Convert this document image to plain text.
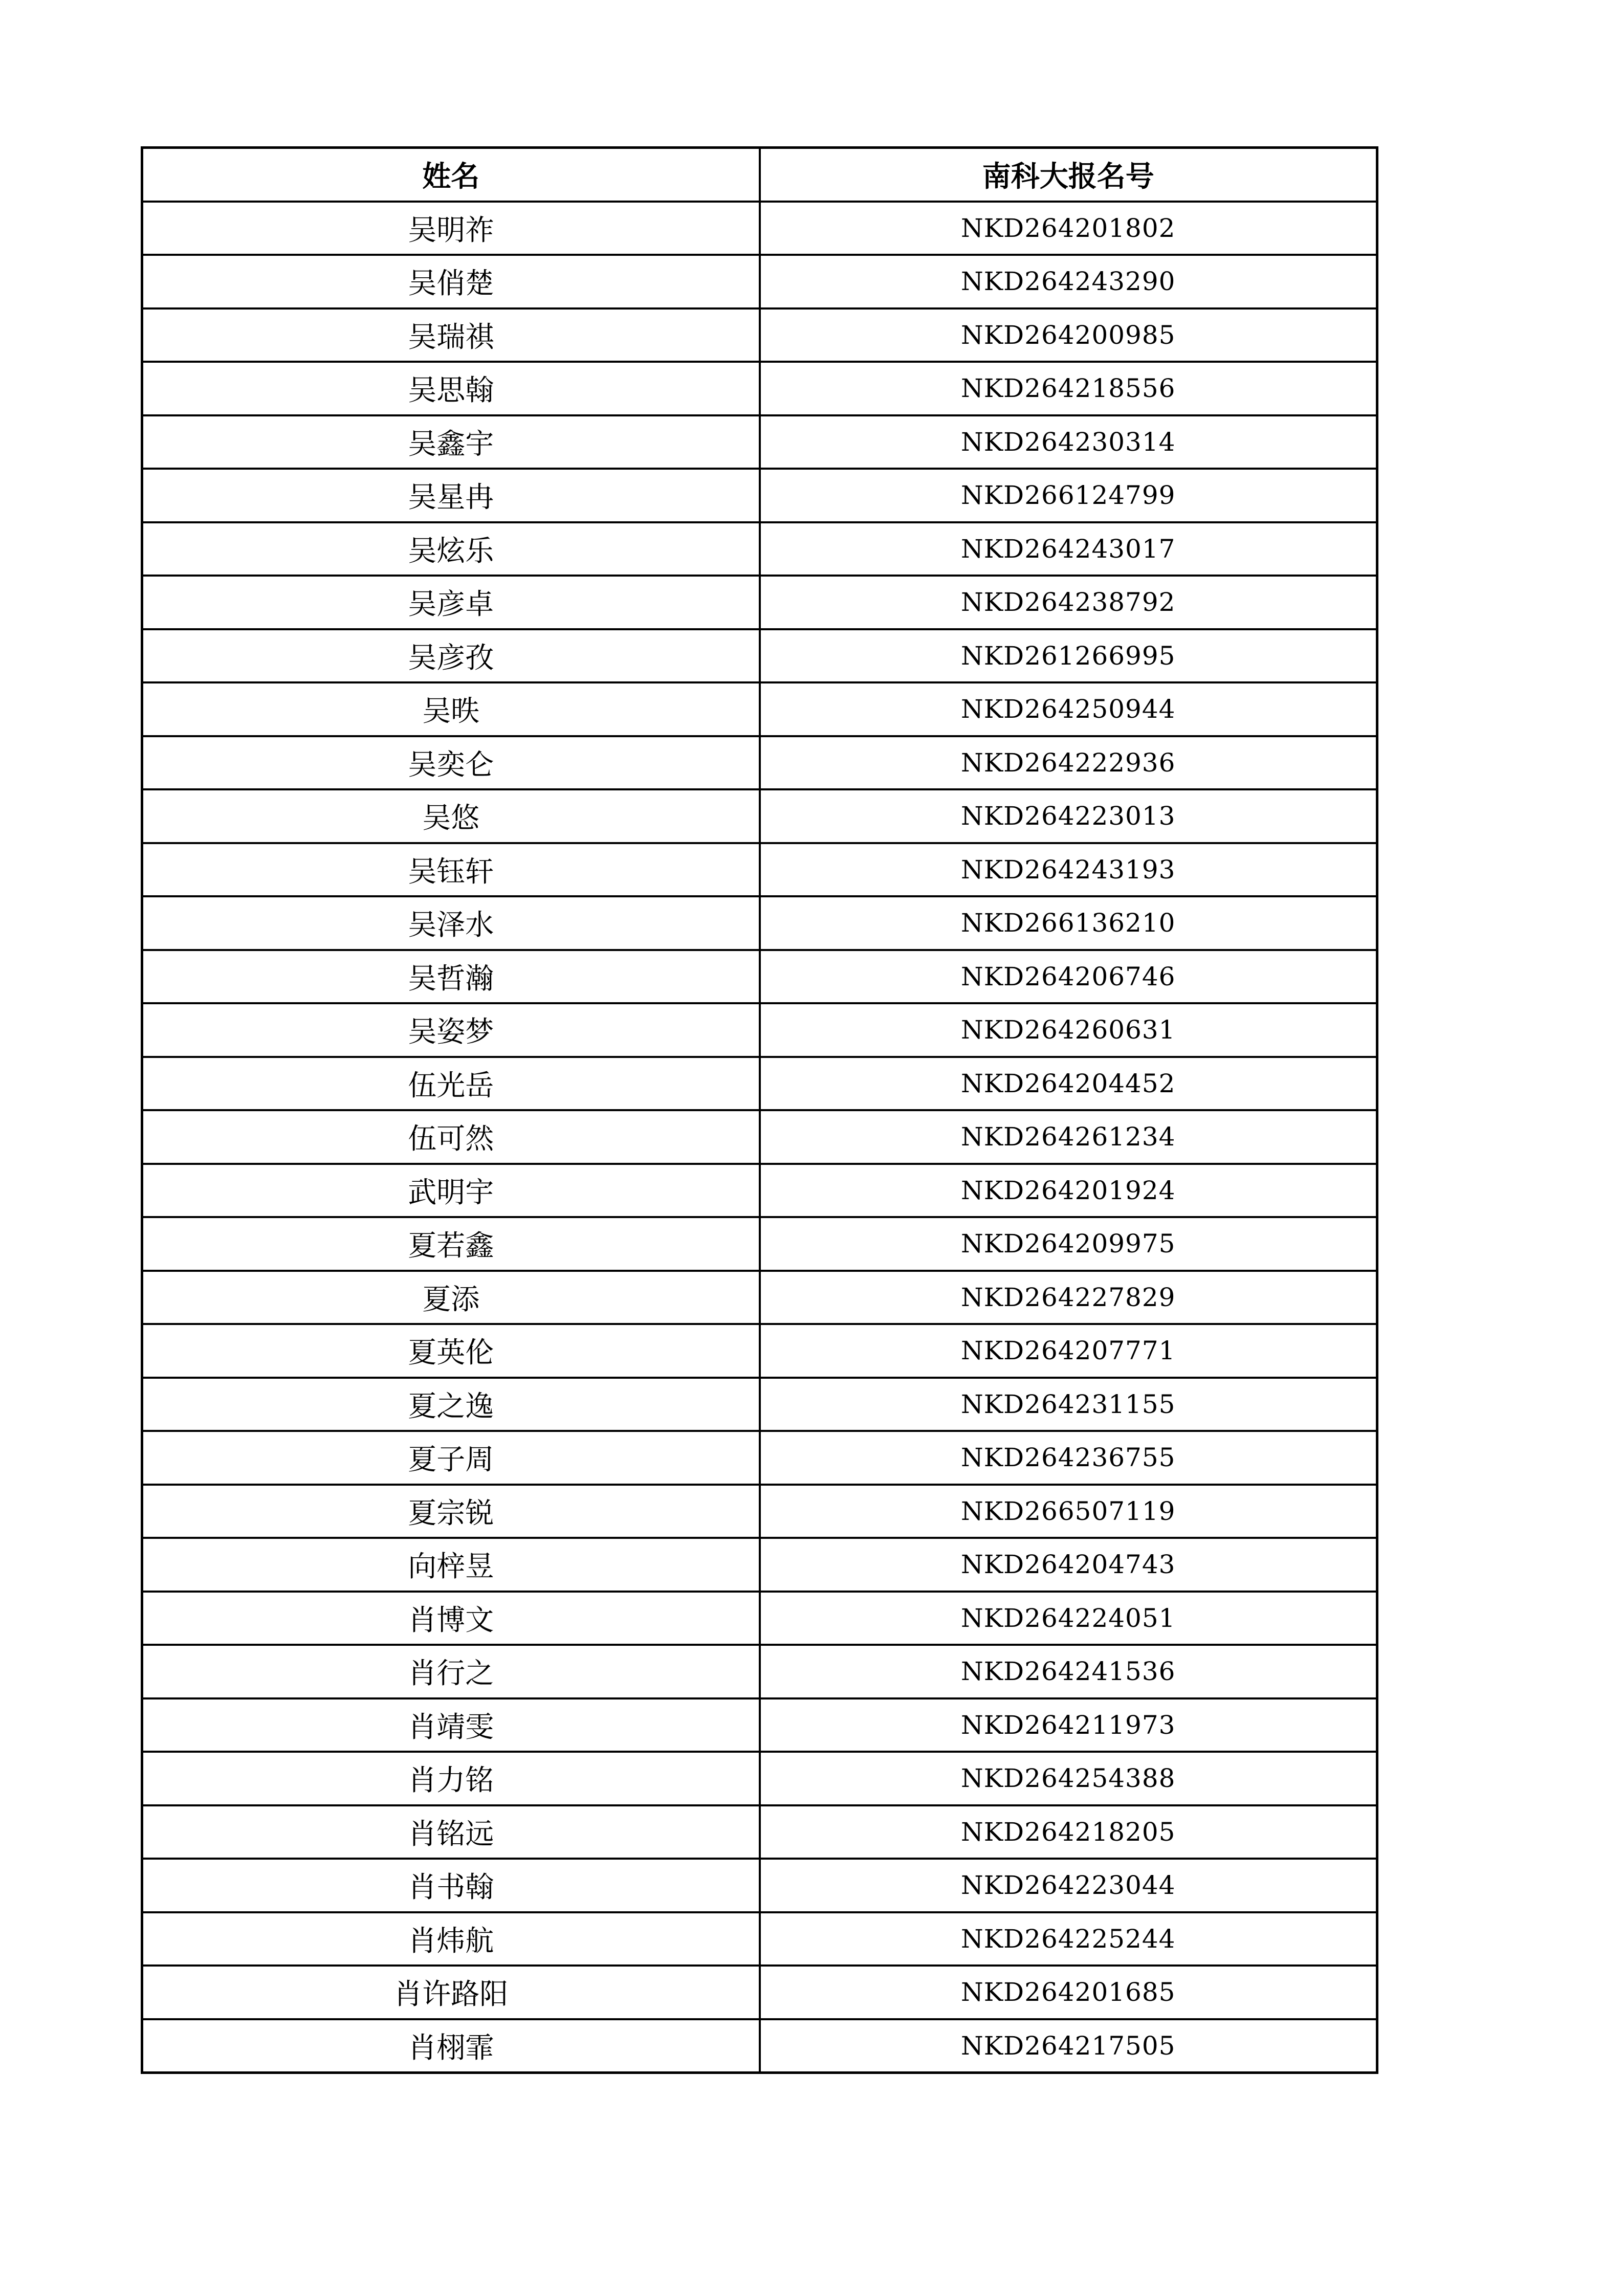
姓名	南科大报名号
吴明祚	NKD264201802
吴俏楚	NKD264243290
吴瑞祺	NKD264200985
吴思翰	NKD264218556
吴鑫宇	NKD264230314
吴星冉	NKD266124799
吴炫乐	NKD264243017
吴彦卓	NKD264238792
吴彦孜	NKD261266995
吴昳	NKD264250944
吴奕仑	NKD264222936
吴悠	NKD264223013
吴钰轩	NKD264243193
吴泽水	NKD266136210
吴哲瀚	NKD264206746
吴姿梦	NKD264260631
伍光岳	NKD264204452
伍可然	NKD264261234
武明宇	NKD264201924
夏若鑫	NKD264209975
夏添	NKD264227829
夏英伦	NKD264207771
夏之逸	NKD264231155
夏子周	NKD264236755
夏宗锐	NKD266507119
向梓昱	NKD264204743
肖博文	NKD264224051
肖行之	NKD264241536
肖靖雯	NKD264211973
肖力铭	NKD264254388
肖铭远	NKD264218205
肖书翰	NKD264223044
肖炜航	NKD264225244
肖许路阳	NKD264201685
肖栩霏	NKD264217505
